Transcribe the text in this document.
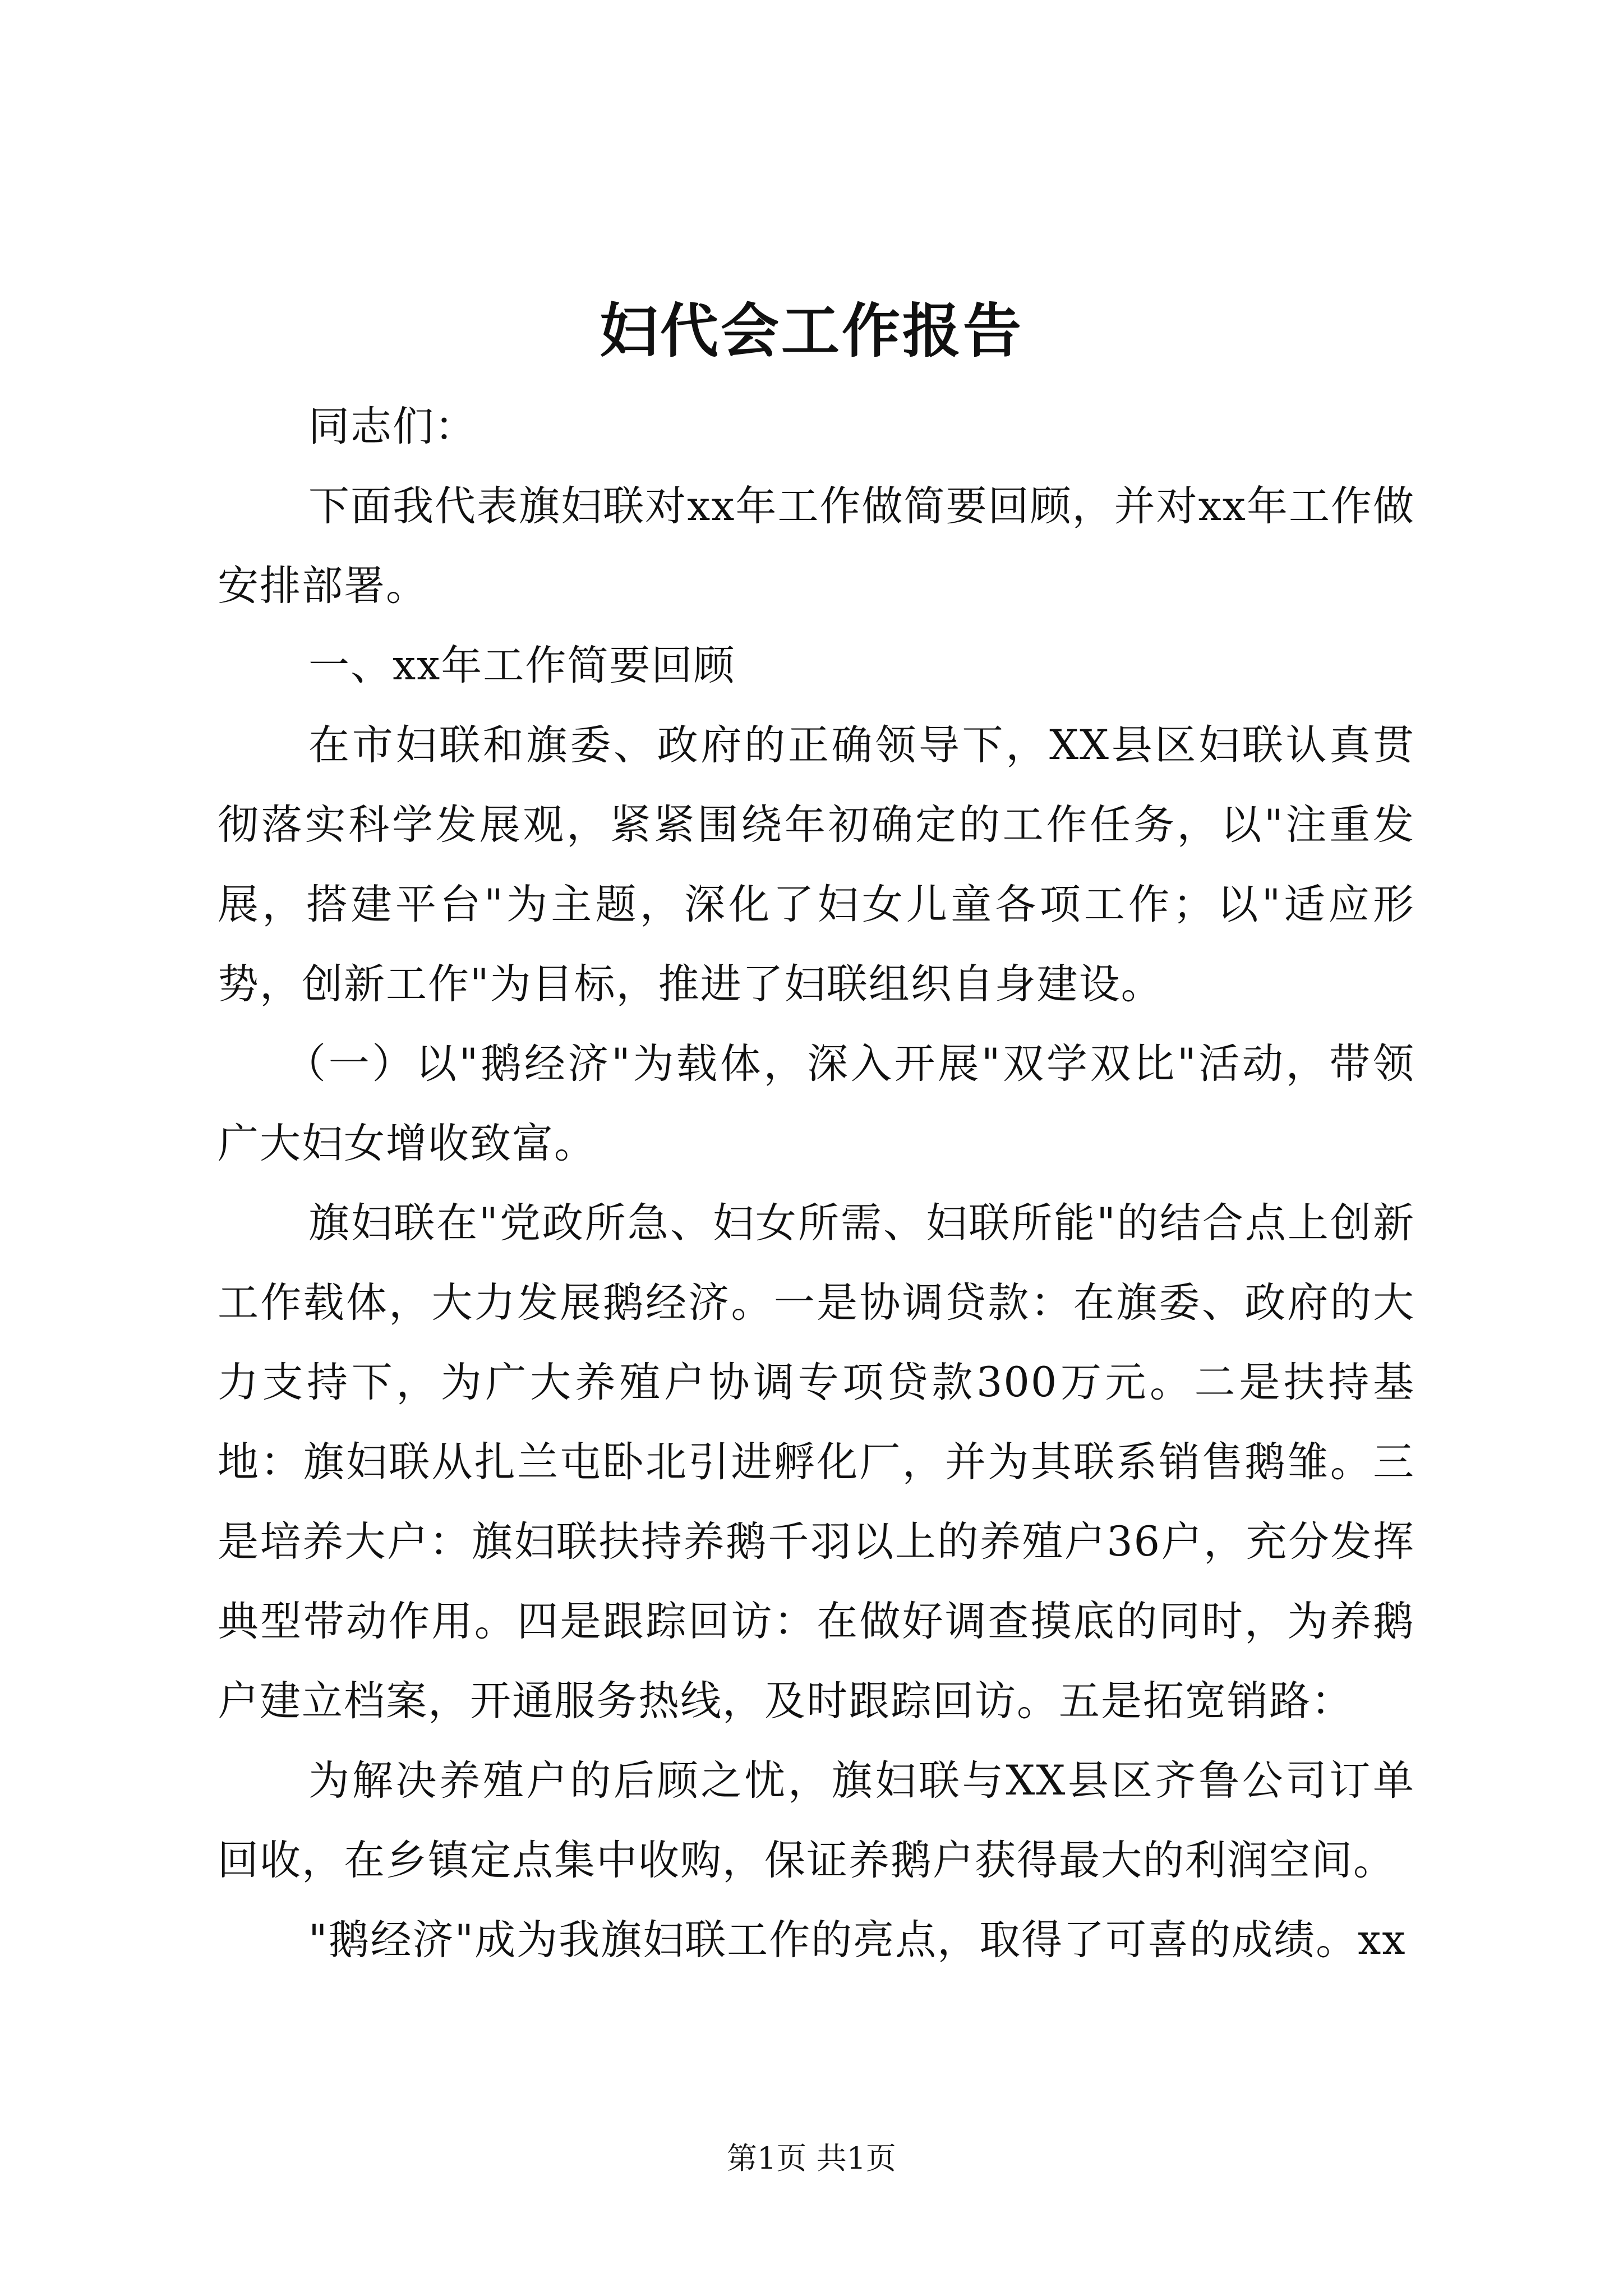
妇代会工作报告

同志们：

下面我代表旗妇联对xx年工作做简要回顾，并对xx年工作做安排部署。

一、xx年工作简要回顾

在市妇联和旗委、政府的正确领导下，XX县区妇联认真贯彻落实科学发展观，紧紧围绕年初确定的工作任务，以"注重发展，搭建平台"为主题，深化了妇女儿童各项工作；以"适应形势，创新工作"为目标，推进了妇联组织自身建设。

（一）以"鹅经济"为载体，深入开展"双学双比"活动，带领广大妇女增收致富。

旗妇联在"党政所急、妇女所需、妇联所能"的结合点上创新工作载体，大力发展鹅经济。一是协调贷款：在旗委、政府的大力支持下，为广大养殖户协调专项贷款300万元。二是扶持基地：旗妇联从扎兰屯卧北引进孵化厂，并为其联系销售鹅雏。三是培养大户：旗妇联扶持养鹅千羽以上的养殖户36户，充分发挥典型带动作用。四是跟踪回访：在做好调查摸底的同时，为养鹅户建立档案，开通服务热线，及时跟踪回访。五是拓宽销路：

为解决养殖户的后顾之忧，旗妇联与XX县区齐鲁公司订单回收，在乡镇定点集中收购，保证养鹅户获得最大的利润空间。

"鹅经济"成为我旗妇联工作的亮点，取得了可喜的成绩。xx

第1页 共1页
